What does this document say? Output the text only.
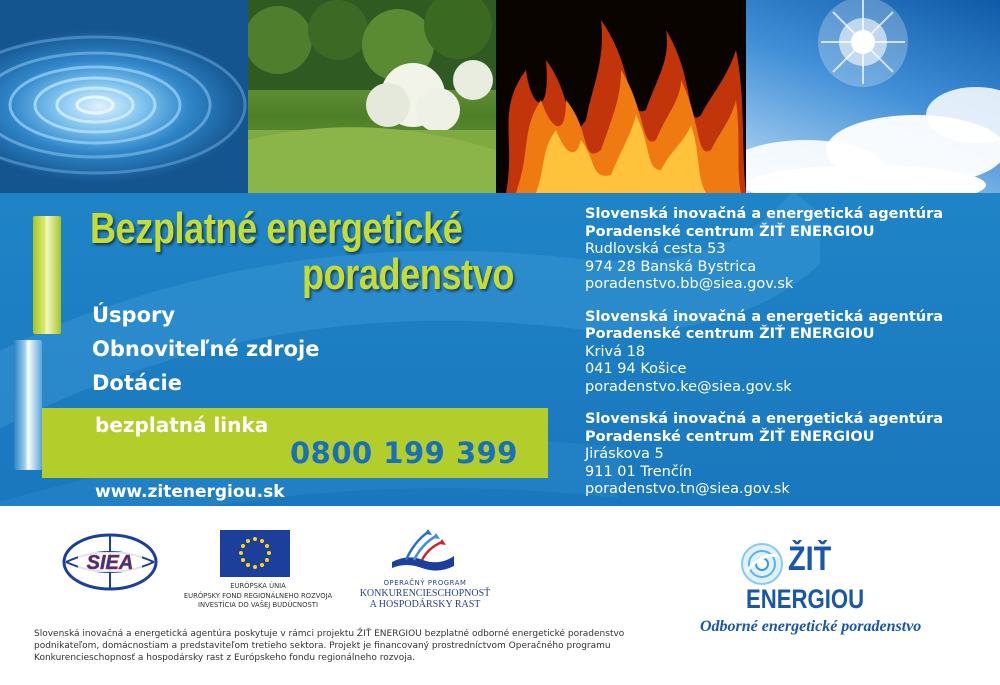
Bezplatné energetické
poradenstvo
Úspory
Obnoviteľné zdroje
Dotácie
bezplatná linka
0800 199 399
www.zitenergiou.sk
Slovenská inovačná a energetická agentúra
Poradenské centrum ŽIŤ ENERGIOU
Rudlovská cesta 53
974 28 Banská Bystrica
poradenstvo.bb@siea.gov.sk
Slovenská inovačná a energetická agentúra
Poradenské centrum ŽIŤ ENERGIOU
Krivá 18
041 94 Košice
poradenstvo.ke@siea.gov.sk
Slovenská inovačná a energetická agentúra
Poradenské centrum ŽIŤ ENERGIOU
Jiráskova 5
911 01 Trenčín
poradenstvo.tn@siea.gov.sk
SIEA
EURÓPSKA ÚNIA
EURÓPSKY FOND REGIONÁLNEHO ROZVOJA
INVESTÍCIA DO VAŠEJ BUDÚCNOSTI
OPERAČNÝ PROGRAM
KONKURENCIESCHOPNOSŤ
A HOSPODÁRSKY RAST
Slovenská inovačná a energetická agentúra poskytuje v rámci projektu ŽIŤ ENERGIOU bezplatné odborné energetické poradenstvo
podnikateľom, domácnostiam a predstaviteľom tretieho sektora. Projekt je financovaný prostredníctvom Operačného programu
Konkurencieschopnosť a hospodársky rast z Európskeho fondu regionálneho rozvoja.
ŽIŤ
ENERGIOU
Odborné energetické poradenstvo
